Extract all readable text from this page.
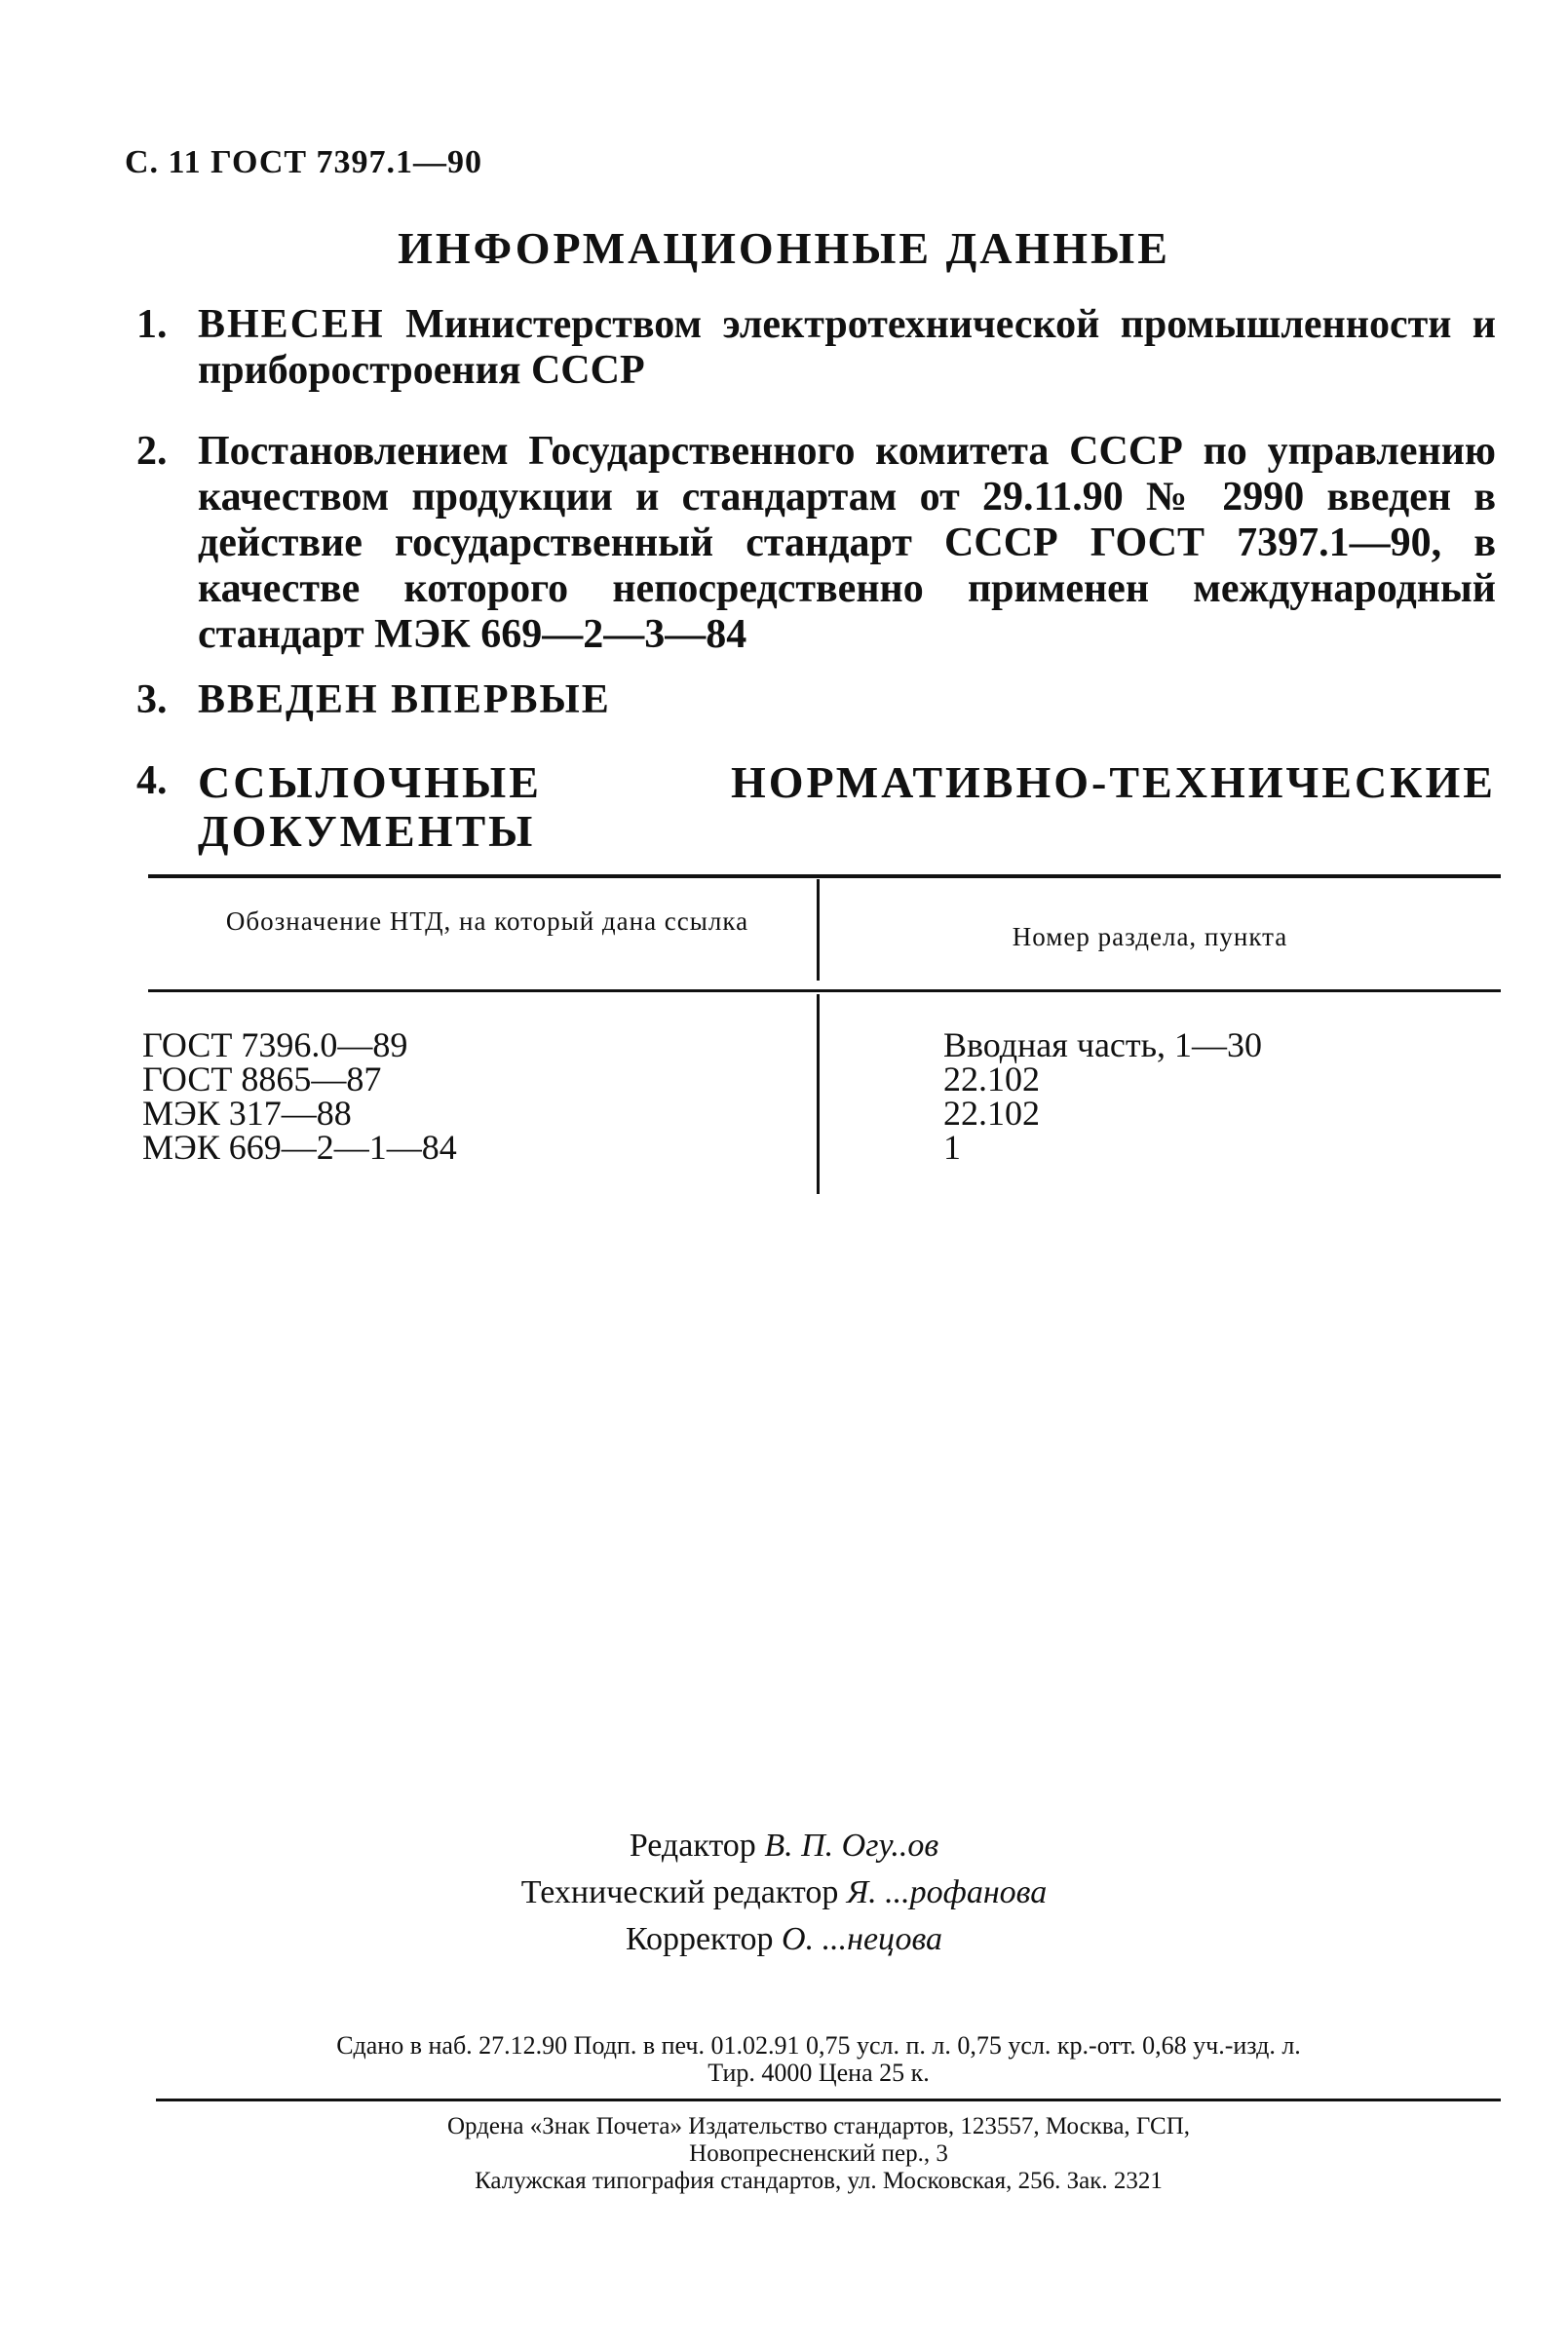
С. 11 ГОСТ 7397.1—90
ИНФОРМАЦИОННЫЕ ДАННЫЕ
1. ВНЕСЕН Министерством электротехнической промышленности и приборостроения СССР
2. Постановлением Государственного комитета СССР по управлению качеством продукции и стандартам от 29.11.90 № 2990 введен в действие государственный стандарт СССР ГОСТ 7397.1—90, в качестве которого непосредственно применен международный стандарт МЭК 669—2—3—84
3. ВВЕДЕН ВПЕРВЫЕ
4. ССЫЛОЧНЫЕ НОРМАТИВНО-ТЕХНИЧЕСКИЕ ДОКУМЕНТЫ
Обозначение НТД, на который дана ссылка
Номер раздела, пункта
ГОСТ 7396.0—89
ГОСТ 8865—87
МЭК 317—88
МЭК 669—2—1—84
Вводная часть, 1—30
22.102
22.102
1
Редактор В. П. Огу..ов
Технический редактор Я. ...рофанова
Корректор О. ...нецова
Сдано в наб. 27.12.90 Подп. в печ. 01.02.91 0,75 усл. п. л. 0,75 усл. кр.-отт. 0,68 уч.-изд. л.
Тир. 4000 Цена 25 к.
Ордена «Знак Почета» Издательство стандартов, 123557, Москва, ГСП,
Новопресненский пер., 3
Калужская типография стандартов, ул. Московская, 256. Зак. 2321
